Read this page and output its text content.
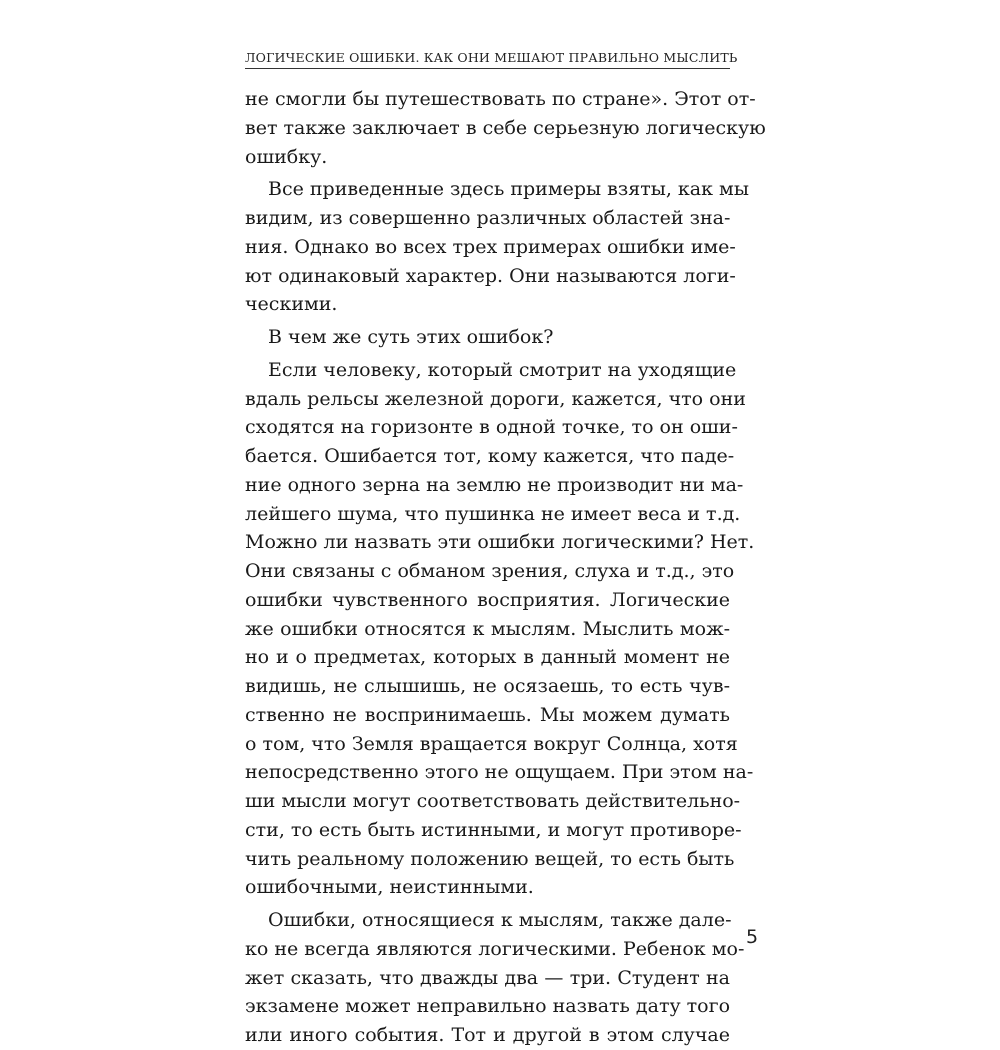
ЛОГИЧЕСКИЕ ОШИБКИ. КАК ОНИ МЕШАЮТ ПРАВИЛЬНО МЫСЛИТЬ
не смогли бы путешествовать по стране». Этот от-
вет также заключает в себе серьезную логическую
ошибку.
Все приведенные здесь примеры взяты, как мы
видим, из совершенно различных областей зна-
ния. Однако во всех трех примерах ошибки име-
ют одинаковый характер. Они называются логи-
ческими.
В чем же суть этих ошибок?
Если человеку, который смотрит на уходящие
вдаль рельсы железной дороги, кажется, что они
сходятся на горизонте в одной точке, то он оши-
бается. Ошибается тот, кому кажется, что паде-
ние одного зерна на землю не производит ни ма-
лейшего шума, что пушинка не имеет веса и т.д.
Можно ли назвать эти ошибки логическими? Нет.
Они связаны с обманом зрения, слуха и т.д., это
ошибки чувственного восприятия. Логические
же ошибки относятся к мыслям. Мыслить мож-
но и о предметах, которых в данный момент не
видишь, не слышишь, не осязаешь, то есть чув-
ственно не воспринимаешь. Мы можем думать
о том, что Земля вращается вокруг Солнца, хотя
непосредственно этого не ощущаем. При этом на-
ши мысли могут соответствовать действительно-
сти, то есть быть истинными, и могут противоре-
чить реальному положению вещей, то есть быть
ошибочными, неистинными.
Ошибки, относящиеся к мыслям, также дале-
ко не всегда являются логическими. Ребенок мо-
жет сказать, что дважды два — три. Студент на
экзамене может неправильно назвать дату того
или иного события. Тот и другой в этом случае
5
